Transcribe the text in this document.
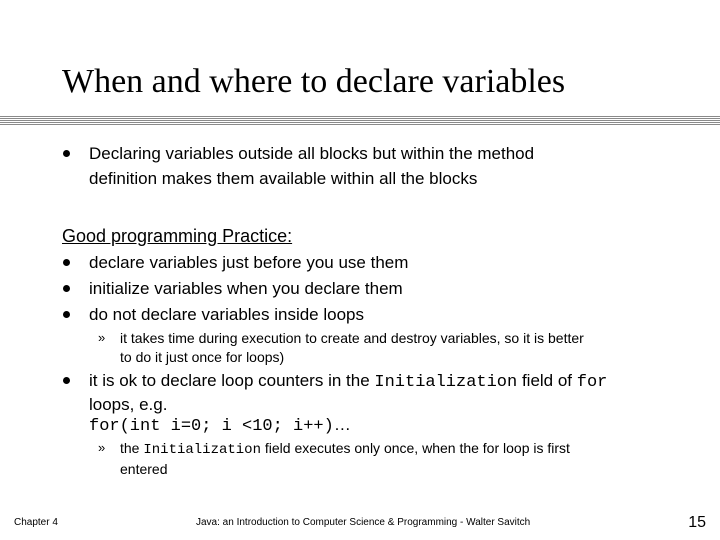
When and where to declare variables
Declaring variables outside all blocks but within the method
definition makes them available within all the blocks
Good programming Practice:
declare variables just before you use them
initialize variables when you declare them
do not declare variables inside loops
» it takes time during execution to create and destroy variables, so it is better
to do it just once for loops)
it is ok to declare loop counters in the Initialization field of for
loops, e.g.
for(int i=0; i <10; i++)…
» the Initialization field executes only once, when the for loop is first
entered
Chapter 4	Java: an Introduction to Computer Science & Programming - Walter Savitch	15
